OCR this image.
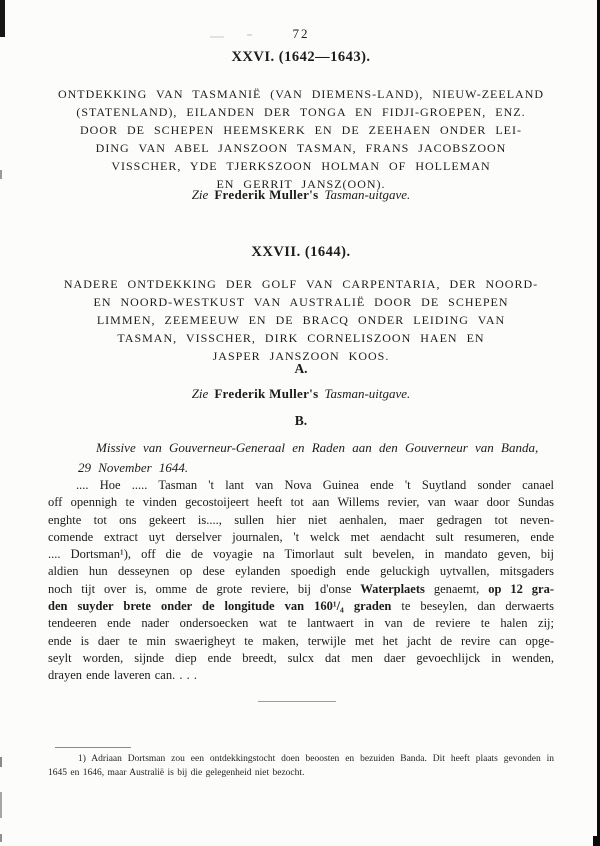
72
XXVI. (1642—1643).
ONTDEKKING VAN TASMANIË (VAN DIEMENS-LAND), NIEUW-ZEELAND
(STATENLAND), EILANDEN DER TONGA EN FIDJI-GROEPEN, ENZ.
DOOR DE SCHEPEN HEEMSKERK EN DE ZEEHAEN ONDER LEI-
DING VAN ABEL JANSZOON TASMAN, FRANS JACOBSZOON
VISSCHER, YDE TJERKSZOON HOLMAN OF HOLLEMAN
EN GERRIT JANSZ(OON).
Zie Frederik Muller's Tasman-uitgave.
XXVII. (1644).
NADERE ONTDEKKING DER GOLF VAN CARPENTARIA, DER NOORD-
EN NOORD-WESTKUST VAN AUSTRALIË DOOR DE SCHEPEN
LIMMEN, ZEEMEEUW EN DE BRACQ ONDER LEIDING VAN
TASMAN, VISSCHER, DIRK CORNELISZOON HAEN EN
JASPER JANSZOON KOOS.
A.
Zie Frederik Muller's Tasman-uitgave.
B.
Missive van Gouverneur-Generaal en Raden aan den Gouverneur van Banda,
29 November 1644.
.... Hoe ..... Tasman 't lant van Nova Guinea ende 't Suytland sonder canael
off opennigh te vinden gecostoijeert heeft tot aan Willems revier, van waar door Sundas
enghte tot ons gekeert is...., sullen hier niet aenhalen, maer gedragen tot neven-
comende extract uyt derselver journalen, 't welck met aendacht sult resumeren, ende
.... Dortsman¹), off die de voyagie na Timorlaut sult bevelen, in mandato geven, bij
aldien hun desseynen op dese eylanden spoedigh ende geluckigh uytvallen, mitsgaders
noch tijt over is, omme de grote reviere, bij d'onse Waterplaets genaemt, op 12 gra-
den suyder brete onder de longitude van 160¹/₄ graden te beseylen, dan derwaerts
tendeeren ende nader ondersoecken wat te lantwaert in van de reviere te halen zij;
ende is daer te min swaerigheyt te maken, terwijle met het jacht de revire can opge-
seylt worden, sijnde diep ende breedt, sulcx dat men daer gevoechlijck in wenden,
drayen ende laveren can. . . .
1) Adriaan Dortsman zou een ontdekkingstocht doen beoosten en bezuiden Banda. Dit heeft plaats gevonden in
1645 en 1646, maar Australië is bij die gelegenheid niet bezocht.
